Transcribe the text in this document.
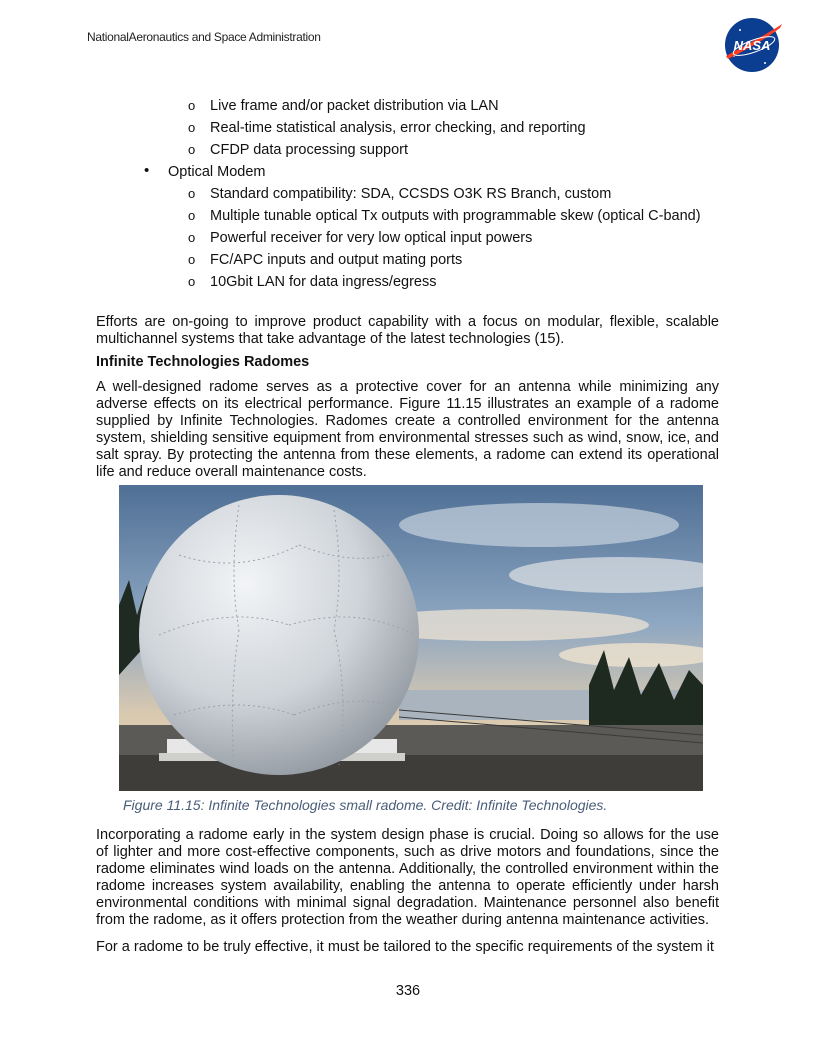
NationalAeronautics and Space Administration
NASA
o Live frame and/or packet distribution via LAN
o Real-time statistical analysis, error checking, and reporting
o CFDP data processing support
• Optical Modem
o Standard compatibility: SDA, CCSDS O3K RS Branch, custom
o Multiple tunable optical Tx outputs with programmable skew (optical C-band)
o Powerful receiver for very low optical input powers
o FC/APC inputs and output mating ports
o 10Gbit LAN for data ingress/egress

Efforts are on-going to improve product capability with a focus on modular, flexible, scalable multichannel systems that take advantage of the latest technologies (15).

Infinite Technologies Radomes

A well-designed radome serves as a protective cover for an antenna while minimizing any adverse effects on its electrical performance. Figure 11.15 illustrates an example of a radome supplied by Infinite Technologies. Radomes create a controlled environment for the antenna system, shielding sensitive equipment from environmental stresses such as wind, snow, ice, and salt spray. By protecting the antenna from these elements, a radome can extend its operational life and reduce overall maintenance costs.

Figure 11.15: Infinite Technologies small radome. Credit: Infinite Technologies.

Incorporating a radome early in the system design phase is crucial. Doing so allows for the use of lighter and more cost-effective components, such as drive motors and foundations, since the radome eliminates wind loads on the antenna. Additionally, the controlled environment within the radome increases system availability, enabling the antenna to operate efficiently under harsh environmental conditions with minimal signal degradation. Maintenance personnel also benefit from the radome, as it offers protection from the weather during antenna maintenance activities.

For a radome to be truly effective, it must be tailored to the specific requirements of the system it

336
